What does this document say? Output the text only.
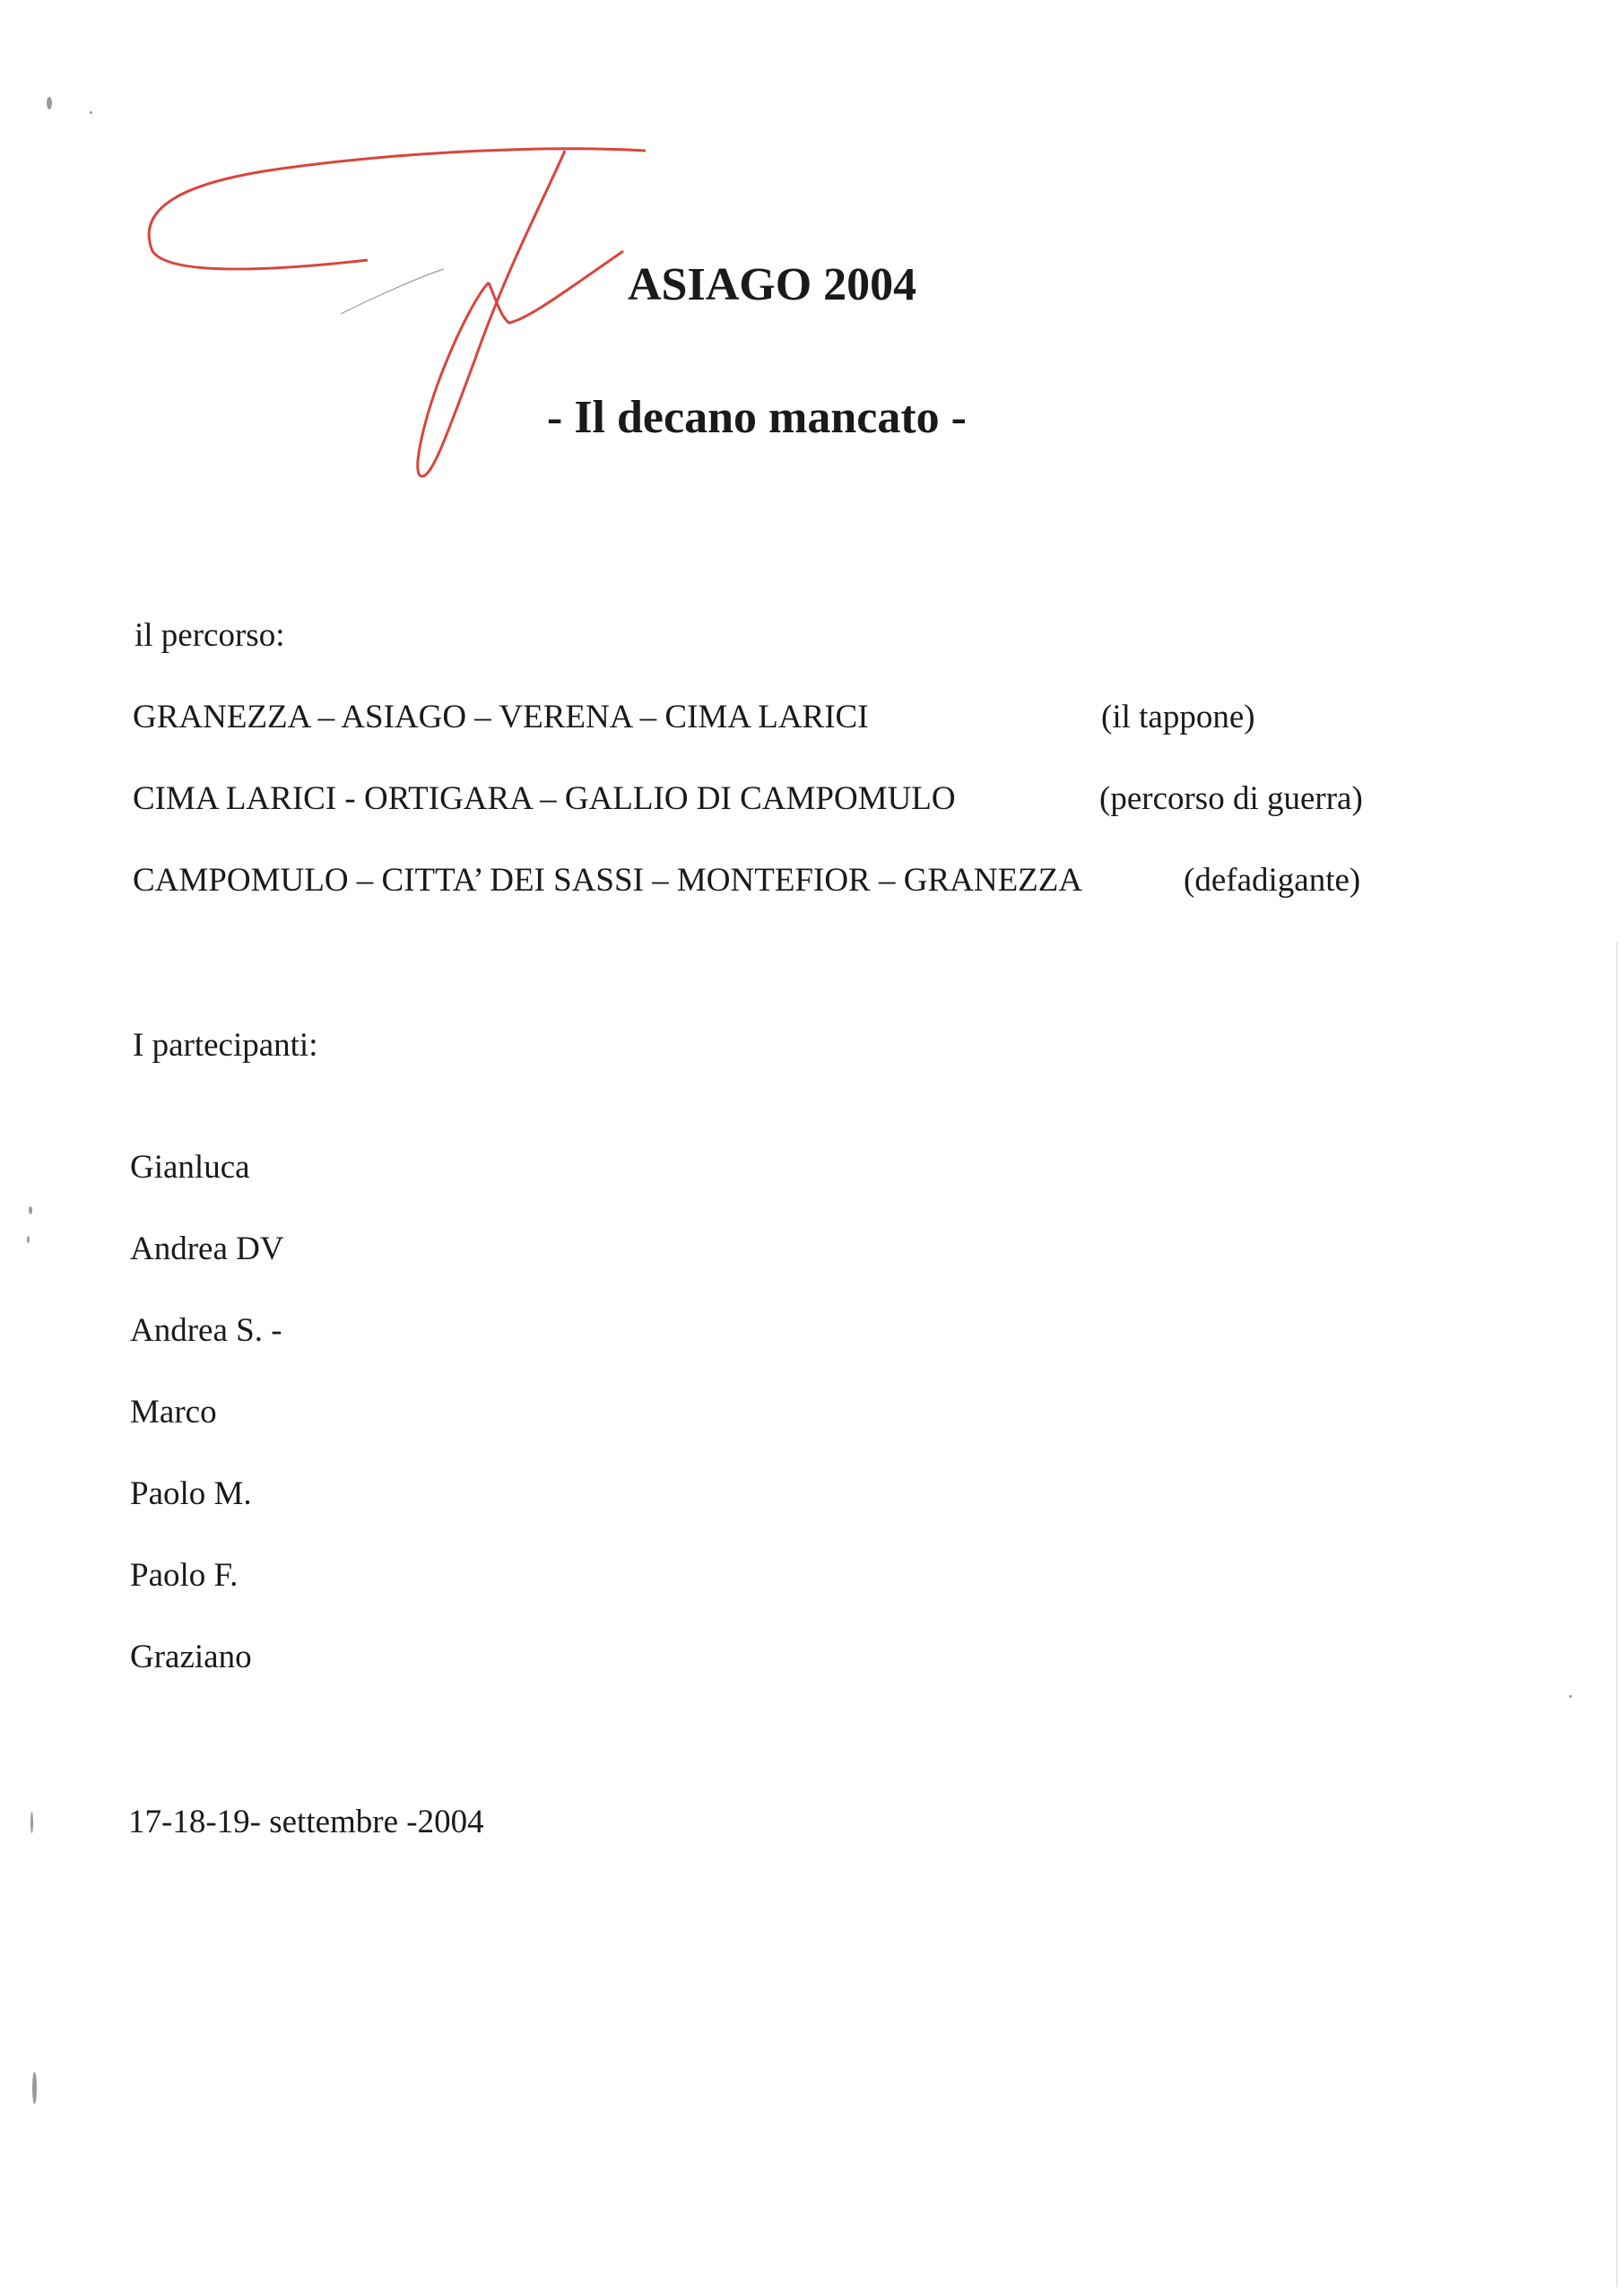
ASIAGO 2004
- Il decano mancato -
il percorso:
GRANEZZA – ASIAGO – VERENA – CIMA LARICI	(il tappone)
CIMA LARICI - ORTIGARA – GALLIO DI CAMPOMULO	(percorso di guerra)
CAMPOMULO – CITTA’ DEI SASSI – MONTEFIOR – GRANEZZA	(defadigante)
I partecipanti:
Gianluca
Andrea DV
Andrea S. -
Marco
Paolo M.
Paolo F.
Graziano
17-18-19- settembre -2004
